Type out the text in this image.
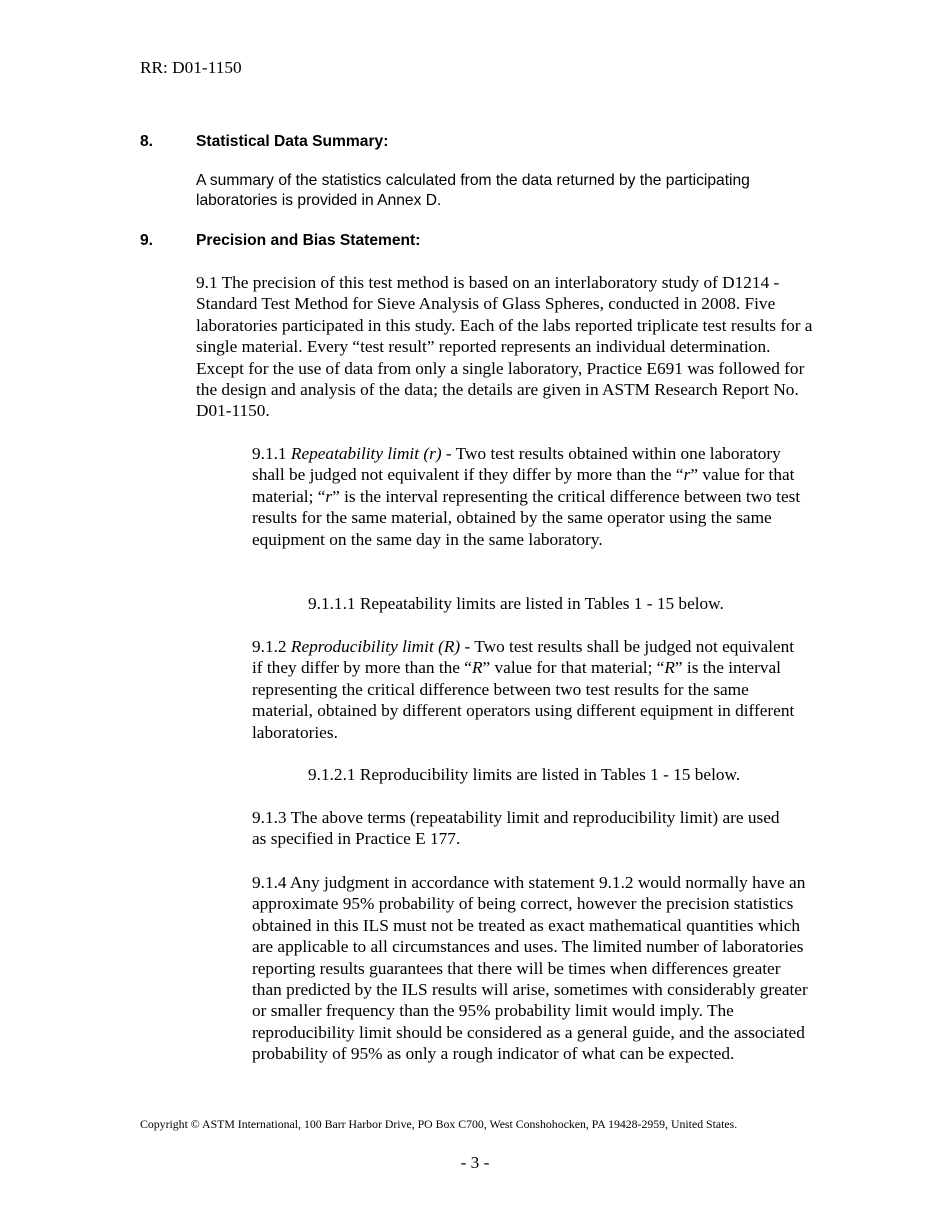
RR: D01-1150
8.	Statistical Data Summary:

A summary of the statistics calculated from the data returned by the participating laboratories is provided in Annex D.

9.	Precision and Bias Statement:

9.1 The precision of this test method is based on an interlaboratory study of D1214 - Standard Test Method for Sieve Analysis of Glass Spheres, conducted in 2008. Five laboratories participated in this study. Each of the labs reported triplicate test results for a single material. Every “test result” reported represents an individual determination. Except for the use of data from only a single laboratory, Practice E691 was followed for the design and analysis of the data; the details are given in ASTM Research Report No. D01-1150.

9.1.1 Repeatability limit (r) - Two test results obtained within one laboratory shall be judged not equivalent if they differ by more than the “r” value for that material; “r” is the interval representing the critical difference between two test results for the same material, obtained by the same operator using the same equipment on the same day in the same laboratory.

9.1.1.1 Repeatability limits are listed in Tables 1 - 15 below.

9.1.2 Reproducibility limit (R) - Two test results shall be judged not equivalent if they differ by more than the “R” value for that material; “R” is the interval representing the critical difference between two test results for the same material, obtained by different operators using different equipment in different laboratories.

9.1.2.1 Reproducibility limits are listed in Tables 1 - 15 below.

9.1.3 The above terms (repeatability limit and reproducibility limit) are used as specified in Practice E 177.

9.1.4 Any judgment in accordance with statement 9.1.2 would normally have an approximate 95% probability of being correct, however the precision statistics obtained in this ILS must not be treated as exact mathematical quantities which are applicable to all circumstances and uses. The limited number of laboratories reporting results guarantees that there will be times when differences greater than predicted by the ILS results will arise, sometimes with considerably greater or smaller frequency than the 95% probability limit would imply. The reproducibility limit should be considered as a general guide, and the associated probability of 95% as only a rough indicator of what can be expected.

Copyright © ASTM International, 100 Barr Harbor Drive, PO Box C700, West Conshohocken, PA 19428-2959, United States.
- 3 -
